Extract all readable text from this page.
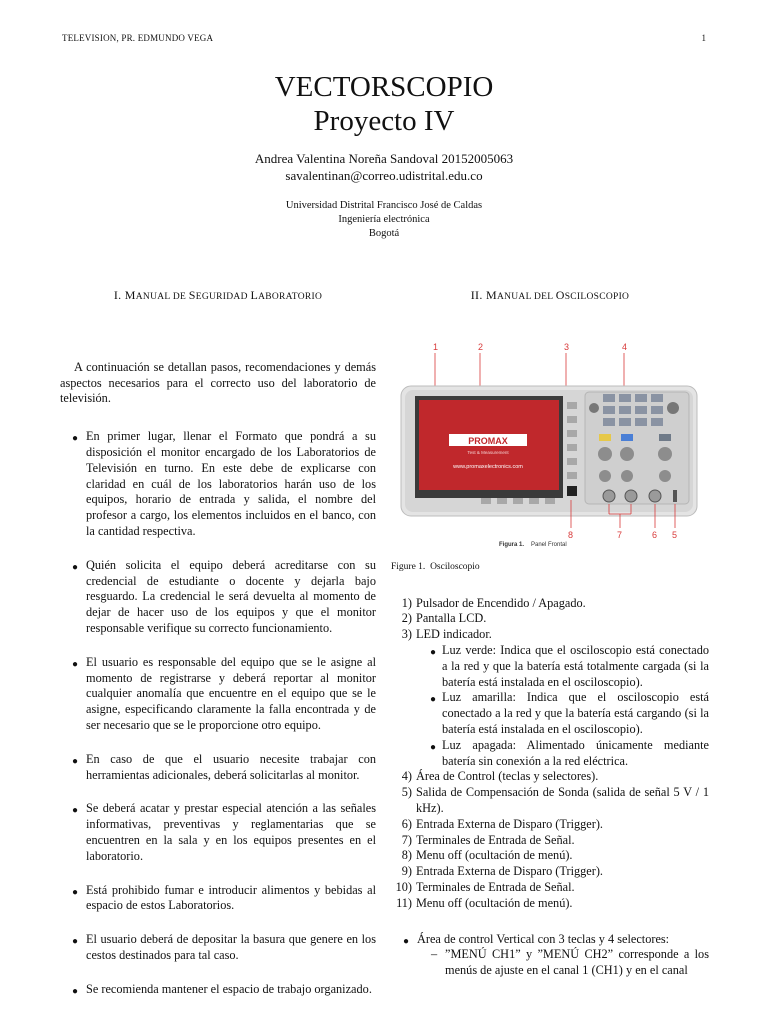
TELEVISION, PR. EDMUNDO VEGA	1
VECTORSCOPIO
Proyecto IV
Andrea Valentina Noreña Sandoval 20152005063
savalentinan@correo.udistrital.edu.co
Universidad Distrital Francisco José de Caldas
Ingeniería electrónica
Bogotá
I. MANUAL DE SEGURIDAD LABORATORIO

A continuación se detallan pasos, recomendaciones y demás aspectos necesarios para el correcto uso del laboratorio de televisión.

● En primer lugar, llenar el Formato que pondrá a su disposición el monitor encargado de los Laboratorios de Televisión en turno. En este debe de explicarse con claridad en cuál de los laboratorios harán uso de los equipos, horario de entrada y salida, el nombre del profesor a cargo, los elementos incluidos en el banco, con la cantidad respectiva.
● Quién solicita el equipo deberá acreditarse con su credencial de estudiante o docente y dejarla bajo resguardo. La credencial le será devuelta al momento de dejar de hacer uso de los equipos y que el monitor responsable verifique su correcto funcionamiento.
● El usuario es responsable del equipo que se le asigne al momento de registrarse y deberá reportar al monitor cualquier anomalía que encuentre en el equipo que se le asigne, especificando claramente la falla encontrada y de ser necesario que se le proporcione otro equipo.
● En caso de que el usuario necesite trabajar con herramientas adicionales, deberá solicitarlas al monitor.
● Se deberá acatar y prestar especial atención a las señales informativas, preventivas y reglamentarias que se encuentren en la sala y en los equipos presentes en el laboratorio.
● Está prohibido fumar e introducir alimentos y bebidas al espacio de estos Laboratorios.
● El usuario deberá de depositar la basura que genere en los cestos destinados para tal caso.
● Se recomienda mantener el espacio de trabajo organizado.
II. MANUAL DEL OSCILOSCOPIO
1	2	3	4
PROMAX
Test & Measurement
www.promaxelectronics.com
8	7	6 5
Figura 1. Panel Frontal
Figure 1. Osciloscopio
1) Pulsador de Encendido / Apagado.
2) Pantalla LCD.
3) LED indicador.
● Luz verde: Indica que el osciloscopio está conectado a la red y que la batería está totalmente cargada (si la batería está instalada en el osciloscopio).
● Luz amarilla: Indica que el osciloscopio está conectado a la red y que la batería está cargando (si la batería está instalada en el osciloscopio).
● Luz apagada: Alimentado únicamente mediante batería sin conexión a la red eléctrica.
4) Área de Control (teclas y selectores).
5) Salida de Compensación de Sonda (salida de señal 5 V / 1 kHz).
6) Entrada Externa de Disparo (Trigger).
7) Terminales de Entrada de Señal.
8) Menu off (ocultación de menú).
9) Entrada Externa de Disparo (Trigger).
10) Terminales de Entrada de Señal.
11) Menu off (ocultación de menú).
● Área de control Vertical con 3 teclas y 4 selectores:
– ”MENÚ CH1” y ”MENÚ CH2” corresponde a los menús de ajuste en el canal 1 (CH1) y en el canal
